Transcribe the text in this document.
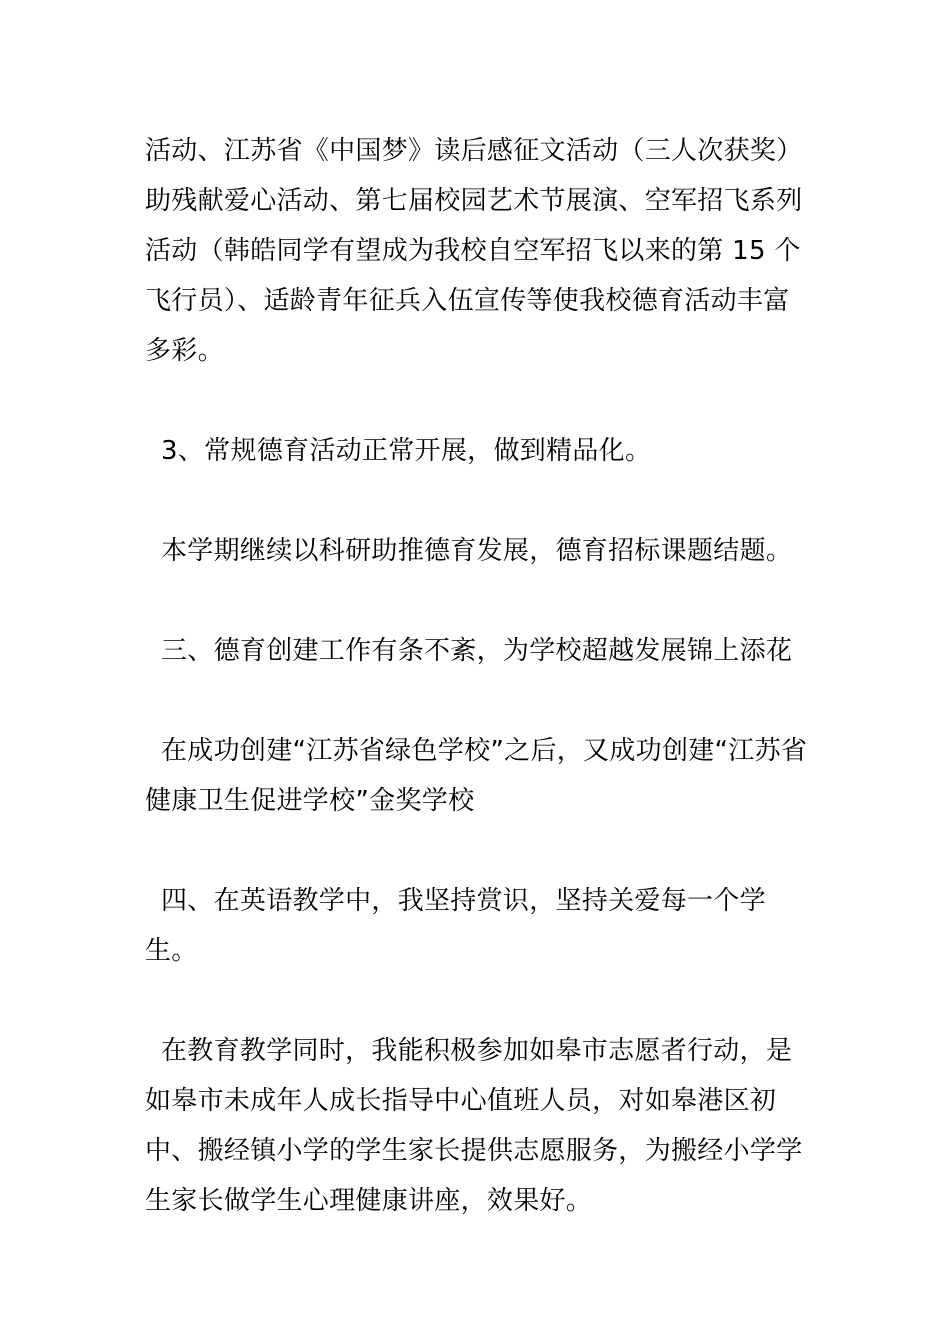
活动、江苏省《中国梦》读后感征文活动（三人次获奖）助残献爱心活动、第七届校园艺术节展演、空军招飞系列活动（韩皓同学有望成为我校自空军招飞以来的第 15 个飞行员）、适龄青年征兵入伍宣传等使我校德育活动丰富多彩。

3、常规德育活动正常开展，做到精品化。

本学期继续以科研助推德育发展，德育招标课题结题。

三、德育创建工作有条不紊，为学校超越发展锦上添花

在成功创建“江苏省绿色学校”之后，又成功创建“江苏省健康卫生促进学校”金奖学校

四、在英语教学中，我坚持赏识，坚持关爱每一个学生。

在教育教学同时，我能积极参加如皋市志愿者行动，是如皋市未成年人成长指导中心值班人员，对如皋港区初中、搬经镇小学的学生家长提供志愿服务，为搬经小学学生家长做学生心理健康讲座，效果好。
